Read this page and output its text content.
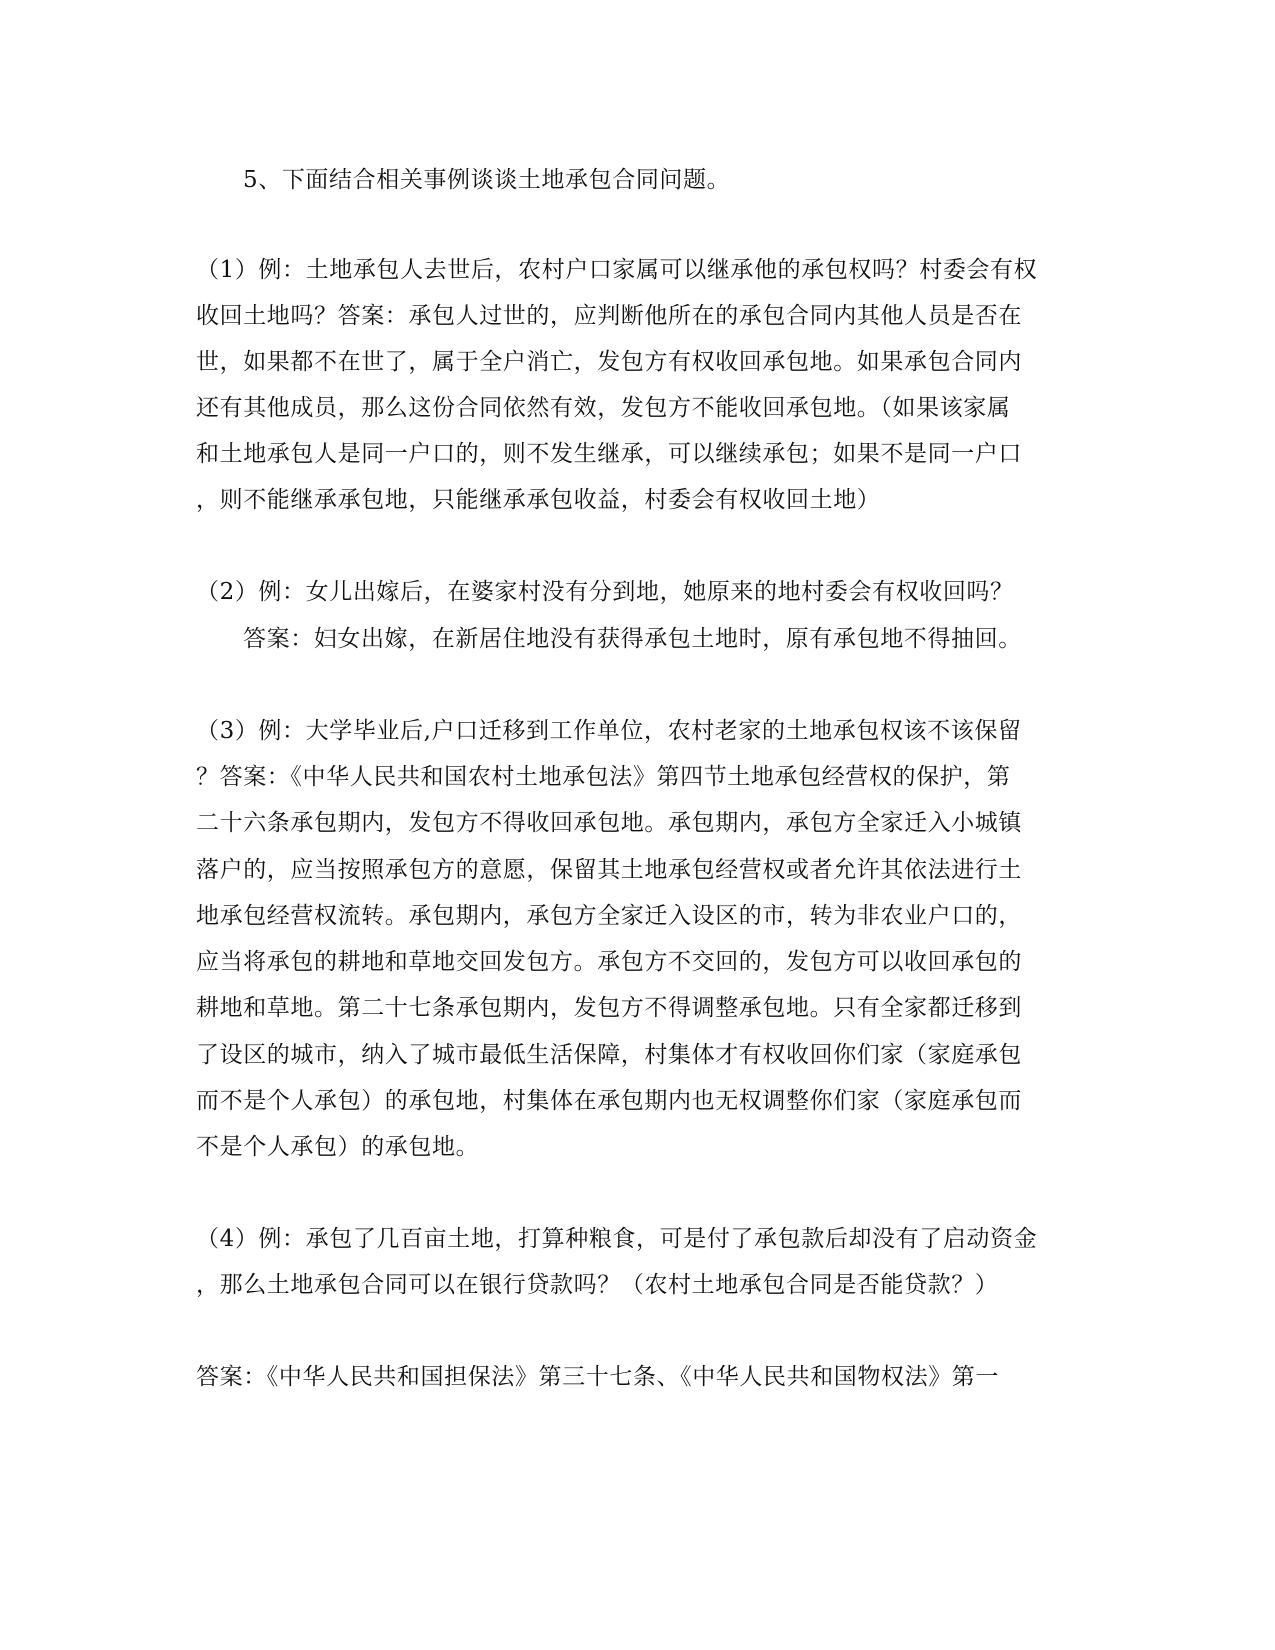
5、下面结合相关事例谈谈土地承包合同问题。
（1）例：土地承包人去世后，农村户口家属可以继承他的承包权吗？村委会有权
收回土地吗？答案：承包人过世的，应判断他所在的承包合同内其他人员是否在
世，如果都不在世了，属于全户消亡，发包方有权收回承包地。如果承包合同内
还有其他成员，那么这份合同依然有效，发包方不能收回承包地。（如果该家属
和土地承包人是同一户口的，则不发生继承，可以继续承包；如果不是同一户口
，则不能继承承包地，只能继承承包收益，村委会有权收回土地）
（2）例：女儿出嫁后，在婆家村没有分到地，她原来的地村委会有权收回吗？
答案：妇女出嫁，在新居住地没有获得承包土地时，原有承包地不得抽回。
（3）例：大学毕业后,户口迁移到工作单位，农村老家的土地承包权该不该保留
？答案：《中华人民共和国农村土地承包法》第四节土地承包经营权的保护，第
二十六条承包期内，发包方不得收回承包地。承包期内，承包方全家迁入小城镇
落户的，应当按照承包方的意愿，保留其土地承包经营权或者允许其依法进行土
地承包经营权流转。承包期内，承包方全家迁入设区的市，转为非农业户口的，
应当将承包的耕地和草地交回发包方。承包方不交回的，发包方可以收回承包的
耕地和草地。第二十七条承包期内，发包方不得调整承包地。只有全家都迁移到
了设区的城市，纳入了城市最低生活保障，村集体才有权收回你们家（家庭承包
而不是个人承包）的承包地，村集体在承包期内也无权调整你们家（家庭承包而
不是个人承包）的承包地。
（4）例：承包了几百亩土地，打算种粮食，可是付了承包款后却没有了启动资金
，那么土地承包合同可以在银行贷款吗？（农村土地承包合同是否能贷款？）
答案：《中华人民共和国担保法》第三十七条、《中华人民共和国物权法》第一
